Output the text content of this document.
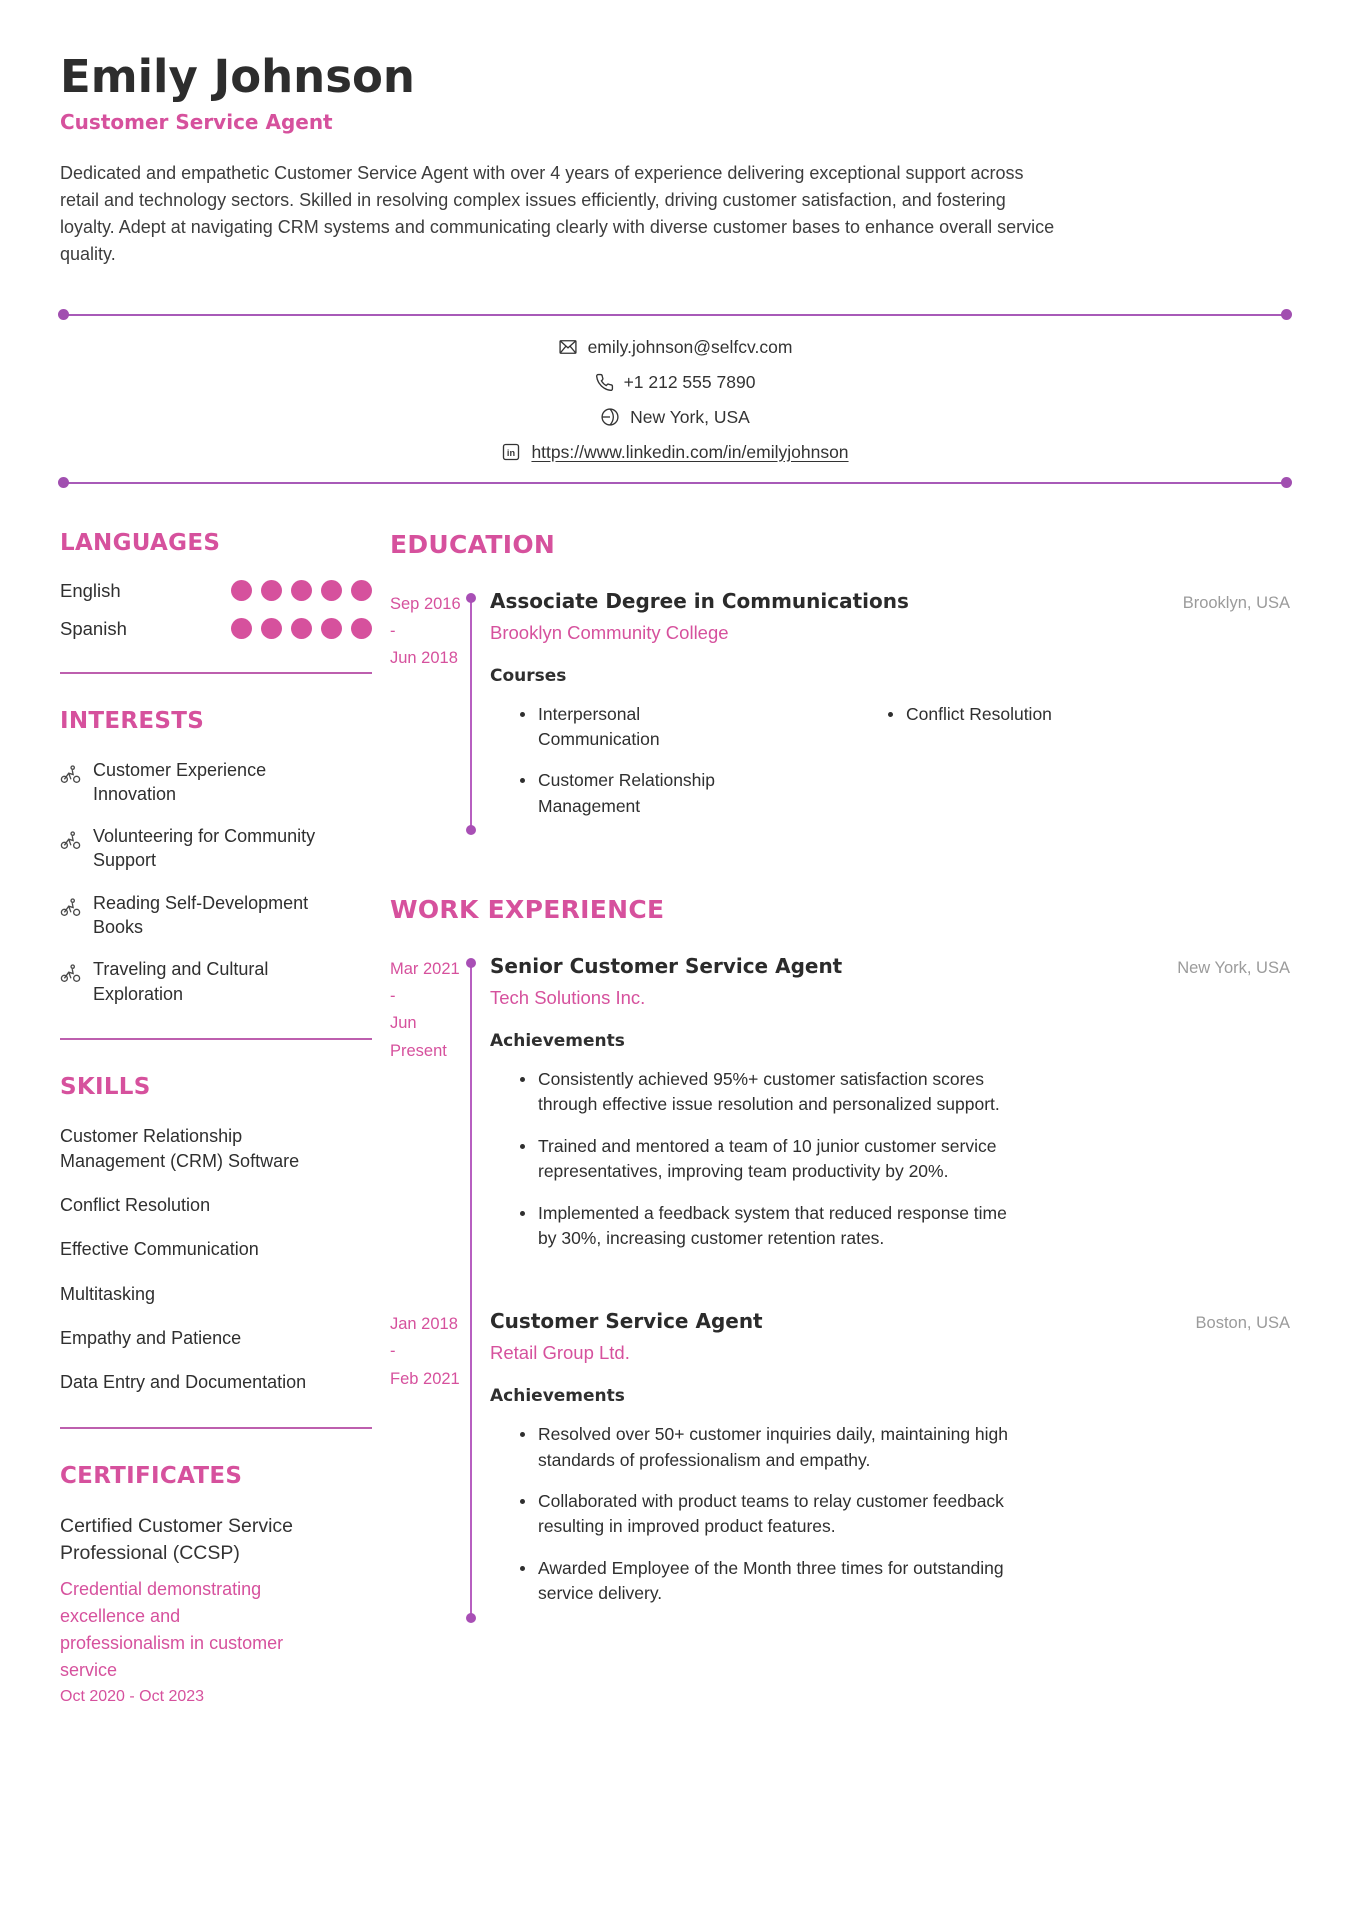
Emily Johnson
Customer Service Agent
Dedicated and empathetic Customer Service Agent with over 4 years of experience delivering exceptional support across retail and technology sectors. Skilled in resolving complex issues efficiently, driving customer satisfaction, and fostering loyalty. Adept at navigating CRM systems and communicating clearly with diverse customer bases to enhance overall service quality.
emily.johnson@selfcv.com
+1 212 555 7890
New York, USA
in https://www.linkedin.com/in/emilyjohnson
LANGUAGES
English
Spanish
INTERESTS
Customer Experience Innovation
Volunteering for Community Support
Reading Self-Development Books
Traveling and Cultural Exploration
SKILLS
Customer Relationship Management (CRM) Software
Conflict Resolution
Effective Communication
Multitasking
Empathy and Patience
Data Entry and Documentation
CERTIFICATES
Certified Customer Service Professional (CCSP)
Credential demonstrating excellence and professionalism in customer service
Oct 2020 - Oct 2023
EDUCATION
Sep 2016
-
Jun 2018
Associate Degree in Communications	Brooklyn, USA
Brooklyn Community College
Courses
Interpersonal Communication
Customer Relationship Management
Conflict Resolution
WORK EXPERIENCE
Mar 2021
-
Jun
Present
Senior Customer Service Agent	New York, USA
Tech Solutions Inc.
Achievements
Consistently achieved 95%+ customer satisfaction scores through effective issue resolution and personalized support.
Trained and mentored a team of 10 junior customer service representatives, improving team productivity by 20%.
Implemented a feedback system that reduced response time by 30%, increasing customer retention rates.
Jan 2018
-
Feb 2021
Customer Service Agent	Boston, USA
Retail Group Ltd.
Achievements
Resolved over 50+ customer inquiries daily, maintaining high standards of professionalism and empathy.
Collaborated with product teams to relay customer feedback resulting in improved product features.
Awarded Employee of the Month three times for outstanding service delivery.
